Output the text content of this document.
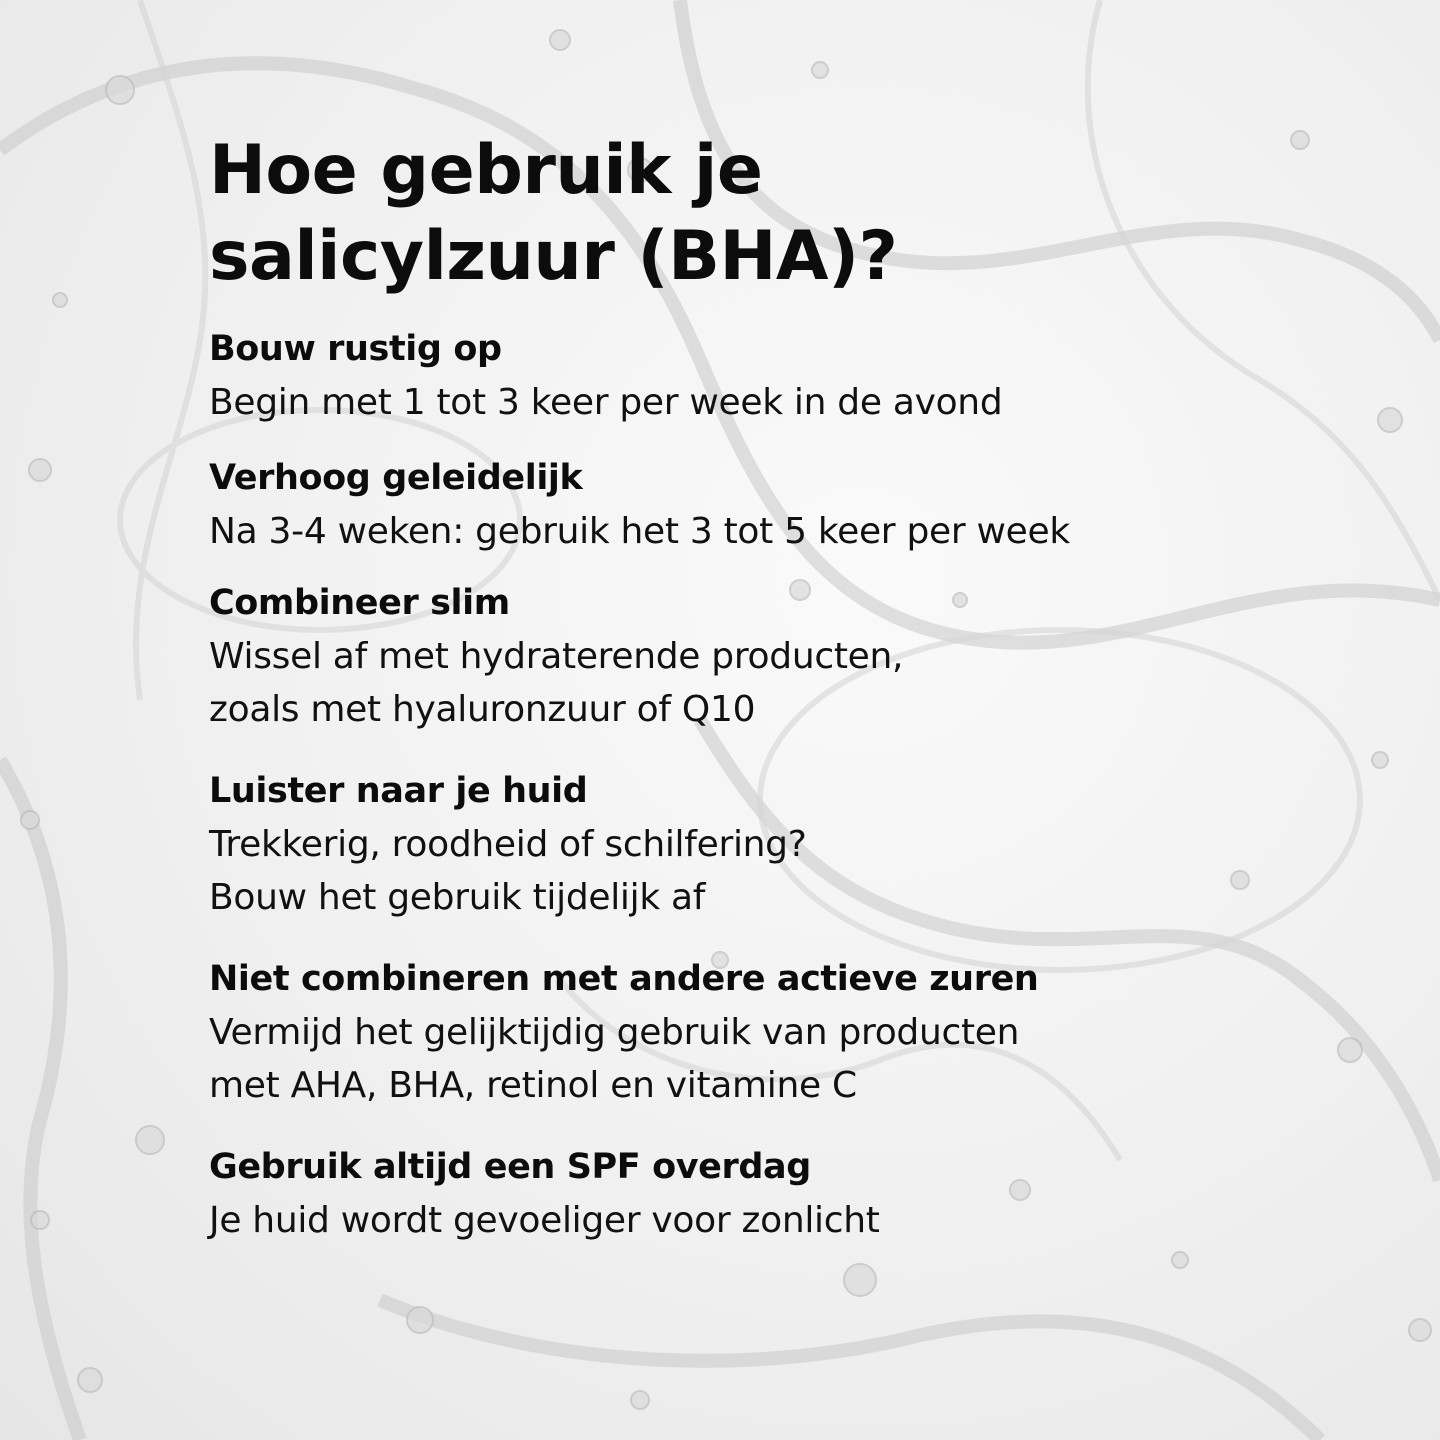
Hoe gebruik je
salicylzuur (BHA)?

Bouw rustig op

Begin met 1 tot 3 keer per week in de avond

Verhoog geleidelijk

Na 3-4 weken: gebruik het 3 tot 5 keer per week

Combineer slim

Wissel af met hydraterende producten,
zoals met hyaluronzuur of Q10

Luister naar je huid

Trekkerig, roodheid of schilfering?
Bouw het gebruik tijdelijk af

Niet combineren met andere actieve zuren

Vermijd het gelijktijdig gebruik van producten
met AHA, BHA, retinol en vitamine C

Gebruik altijd een SPF overdag

Je huid wordt gevoeliger voor zonlicht
